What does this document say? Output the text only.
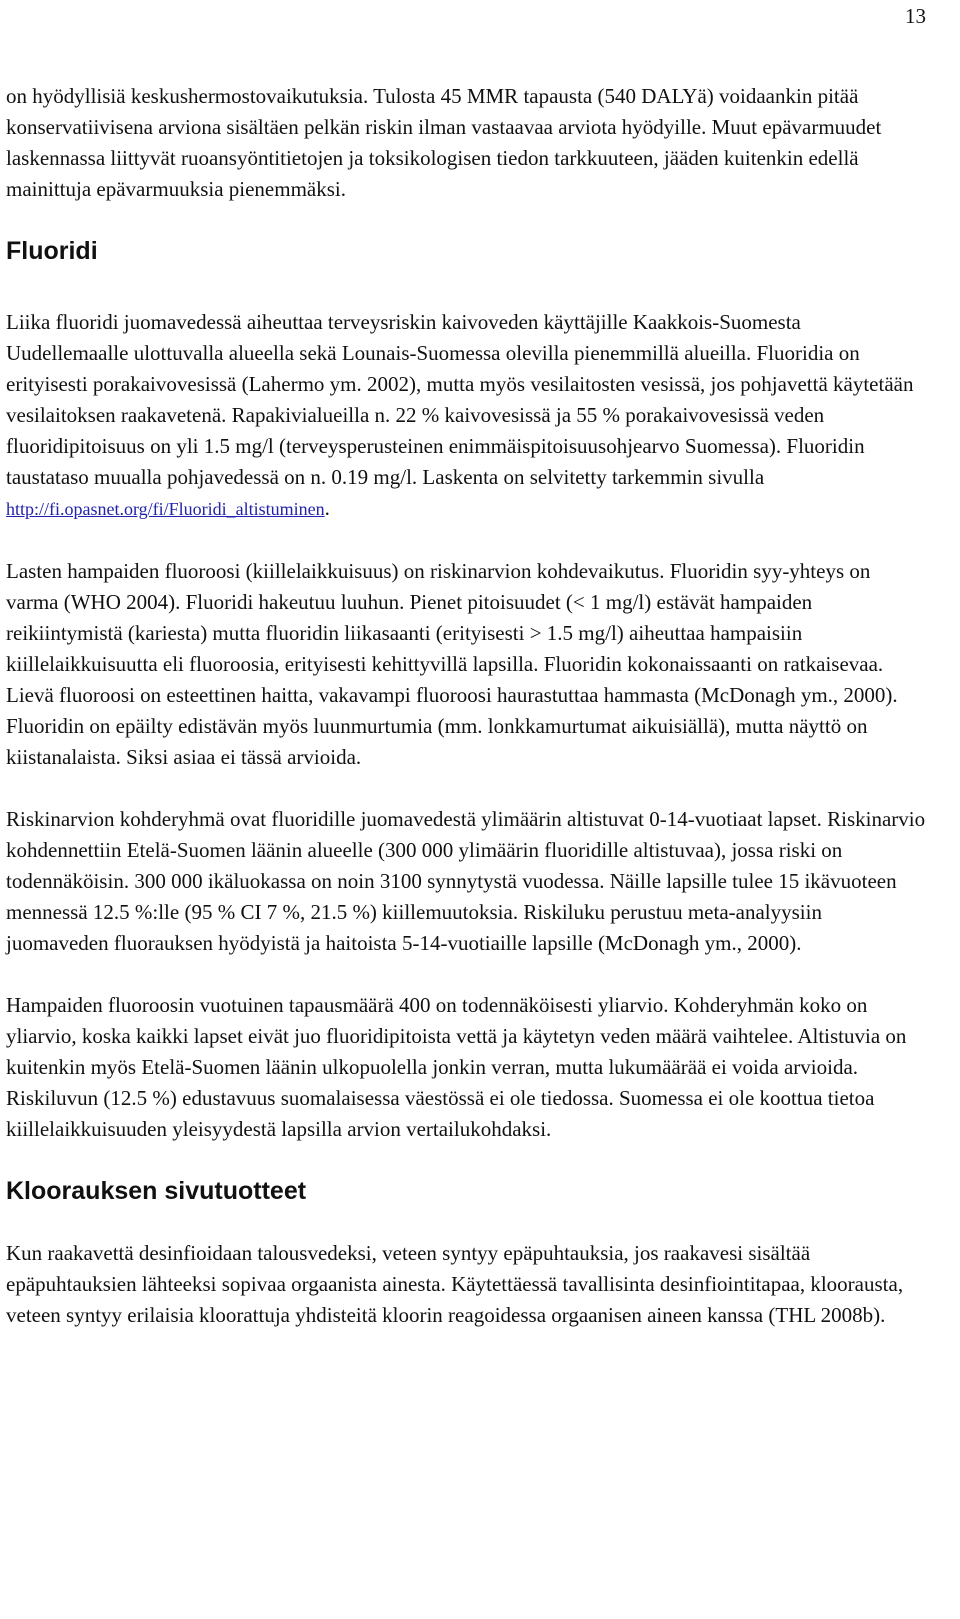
13

on hyödyllisiä keskushermostovaikutuksia. Tulosta 45 MMR tapausta (540 DALYä) voidaankin pitää konservatiivisena arviona sisältäen pelkän riskin ilman vastaavaa arviota hyödyille. Muut epävarmuudet laskennassa liittyvät ruoansyöntitietojen ja toksikologisen tiedon tarkkuuteen, jääden kuitenkin edellä mainittuja epävarmuuksia pienemmäksi.

Fluoridi

Liika fluoridi juomavedessä aiheuttaa terveysriskin kaivoveden käyttäjille Kaakkois-Suomesta Uudellemaalle ulottuvalla alueella sekä Lounais-Suomessa olevilla pienemmillä alueilla. Fluoridia on erityisesti porakaivovesissä (Lahermo ym. 2002), mutta myös vesilaitosten vesissä, jos pohjavettä käytetään vesilaitoksen raakavetenä. Rapakivialueilla n. 22 % kaivovesissä ja 55 % porakaivovesissä veden fluoridipitoisuus on yli 1.5 mg/l (terveysperusteinen enimmäispitoisuusohjearvo Suomessa). Fluoridin taustataso muualla pohjavedessä on n. 0.19 mg/l. Laskenta on selvitetty tarkemmin sivulla http://fi.opasnet.org/fi/Fluoridi_altistuminen.

Lasten hampaiden fluoroosi (kiillelaikkuisuus) on riskinarvion kohdevaikutus. Fluoridin syy-yhteys on varma (WHO 2004). Fluoridi hakeutuu luuhun. Pienet pitoisuudet (< 1 mg/l) estävät hampaiden reikiintymistä (kariesta) mutta fluoridin liikasaanti (erityisesti > 1.5 mg/l) aiheuttaa hampaisiin kiillelaikkuisuutta eli fluoroosia, erityisesti kehittyvillä lapsilla. Fluoridin kokonaissaanti on ratkaisevaa. Lievä fluoroosi on esteettinen haitta, vakavampi fluoroosi haurastuttaa hammasta (McDonagh ym., 2000). Fluoridin on epäilty edistävän myös luunmurtumia (mm. lonkkamurtumat aikuisiällä), mutta näyttö on kiistanalaista. Siksi asiaa ei tässä arvioida.

Riskinarvion kohderyhmä ovat fluoridille juomavedestä ylimäärin altistuvat 0-14-vuotiaat lapset. Riskinarvio kohdennettiin Etelä-Suomen läänin alueelle (300 000 ylimäärin fluoridille altistuvaa), jossa riski on todennäköisin. 300 000 ikäluokassa on noin 3100 synnytystä vuodessa. Näille lapsille tulee 15 ikävuoteen mennessä 12.5 %:lle (95 % CI 7 %, 21.5 %) kiillemuutoksia. Riskiluku perustuu meta-analyysiin juomaveden fluorauksen hyödyistä ja haitoista 5-14-vuotiaille lapsille (McDonagh ym., 2000).

Hampaiden fluoroosin vuotuinen tapausmäärä 400 on todennäköisesti yliarvio. Kohderyhmän koko on yliarvio, koska kaikki lapset eivät juo fluoridipitoista vettä ja käytetyn veden määrä vaihtelee. Altistuvia on kuitenkin myös Etelä-Suomen läänin ulkopuolella jonkin verran, mutta lukumäärää ei voida arvioida. Riskiluvun (12.5 %) edustavuus suomalaisessa väestössä ei ole tiedossa. Suomessa ei ole koottua tietoa kiillelaikkuisuuden yleisyydestä lapsilla arvion vertailukohdaksi.

Kloorauksen sivutuotteet

Kun raakavettä desinfioidaan talousvedeksi, veteen syntyy epäpuhtauksia, jos raakavesi sisältää epäpuhtauksien lähteeksi sopivaa orgaanista ainesta. Käytettäessä tavallisinta desinfiointitapaa, kloorausta, veteen syntyy erilaisia kloorattuja yhdisteitä kloorin reagoidessa orgaanisen aineen kanssa (THL 2008b).
